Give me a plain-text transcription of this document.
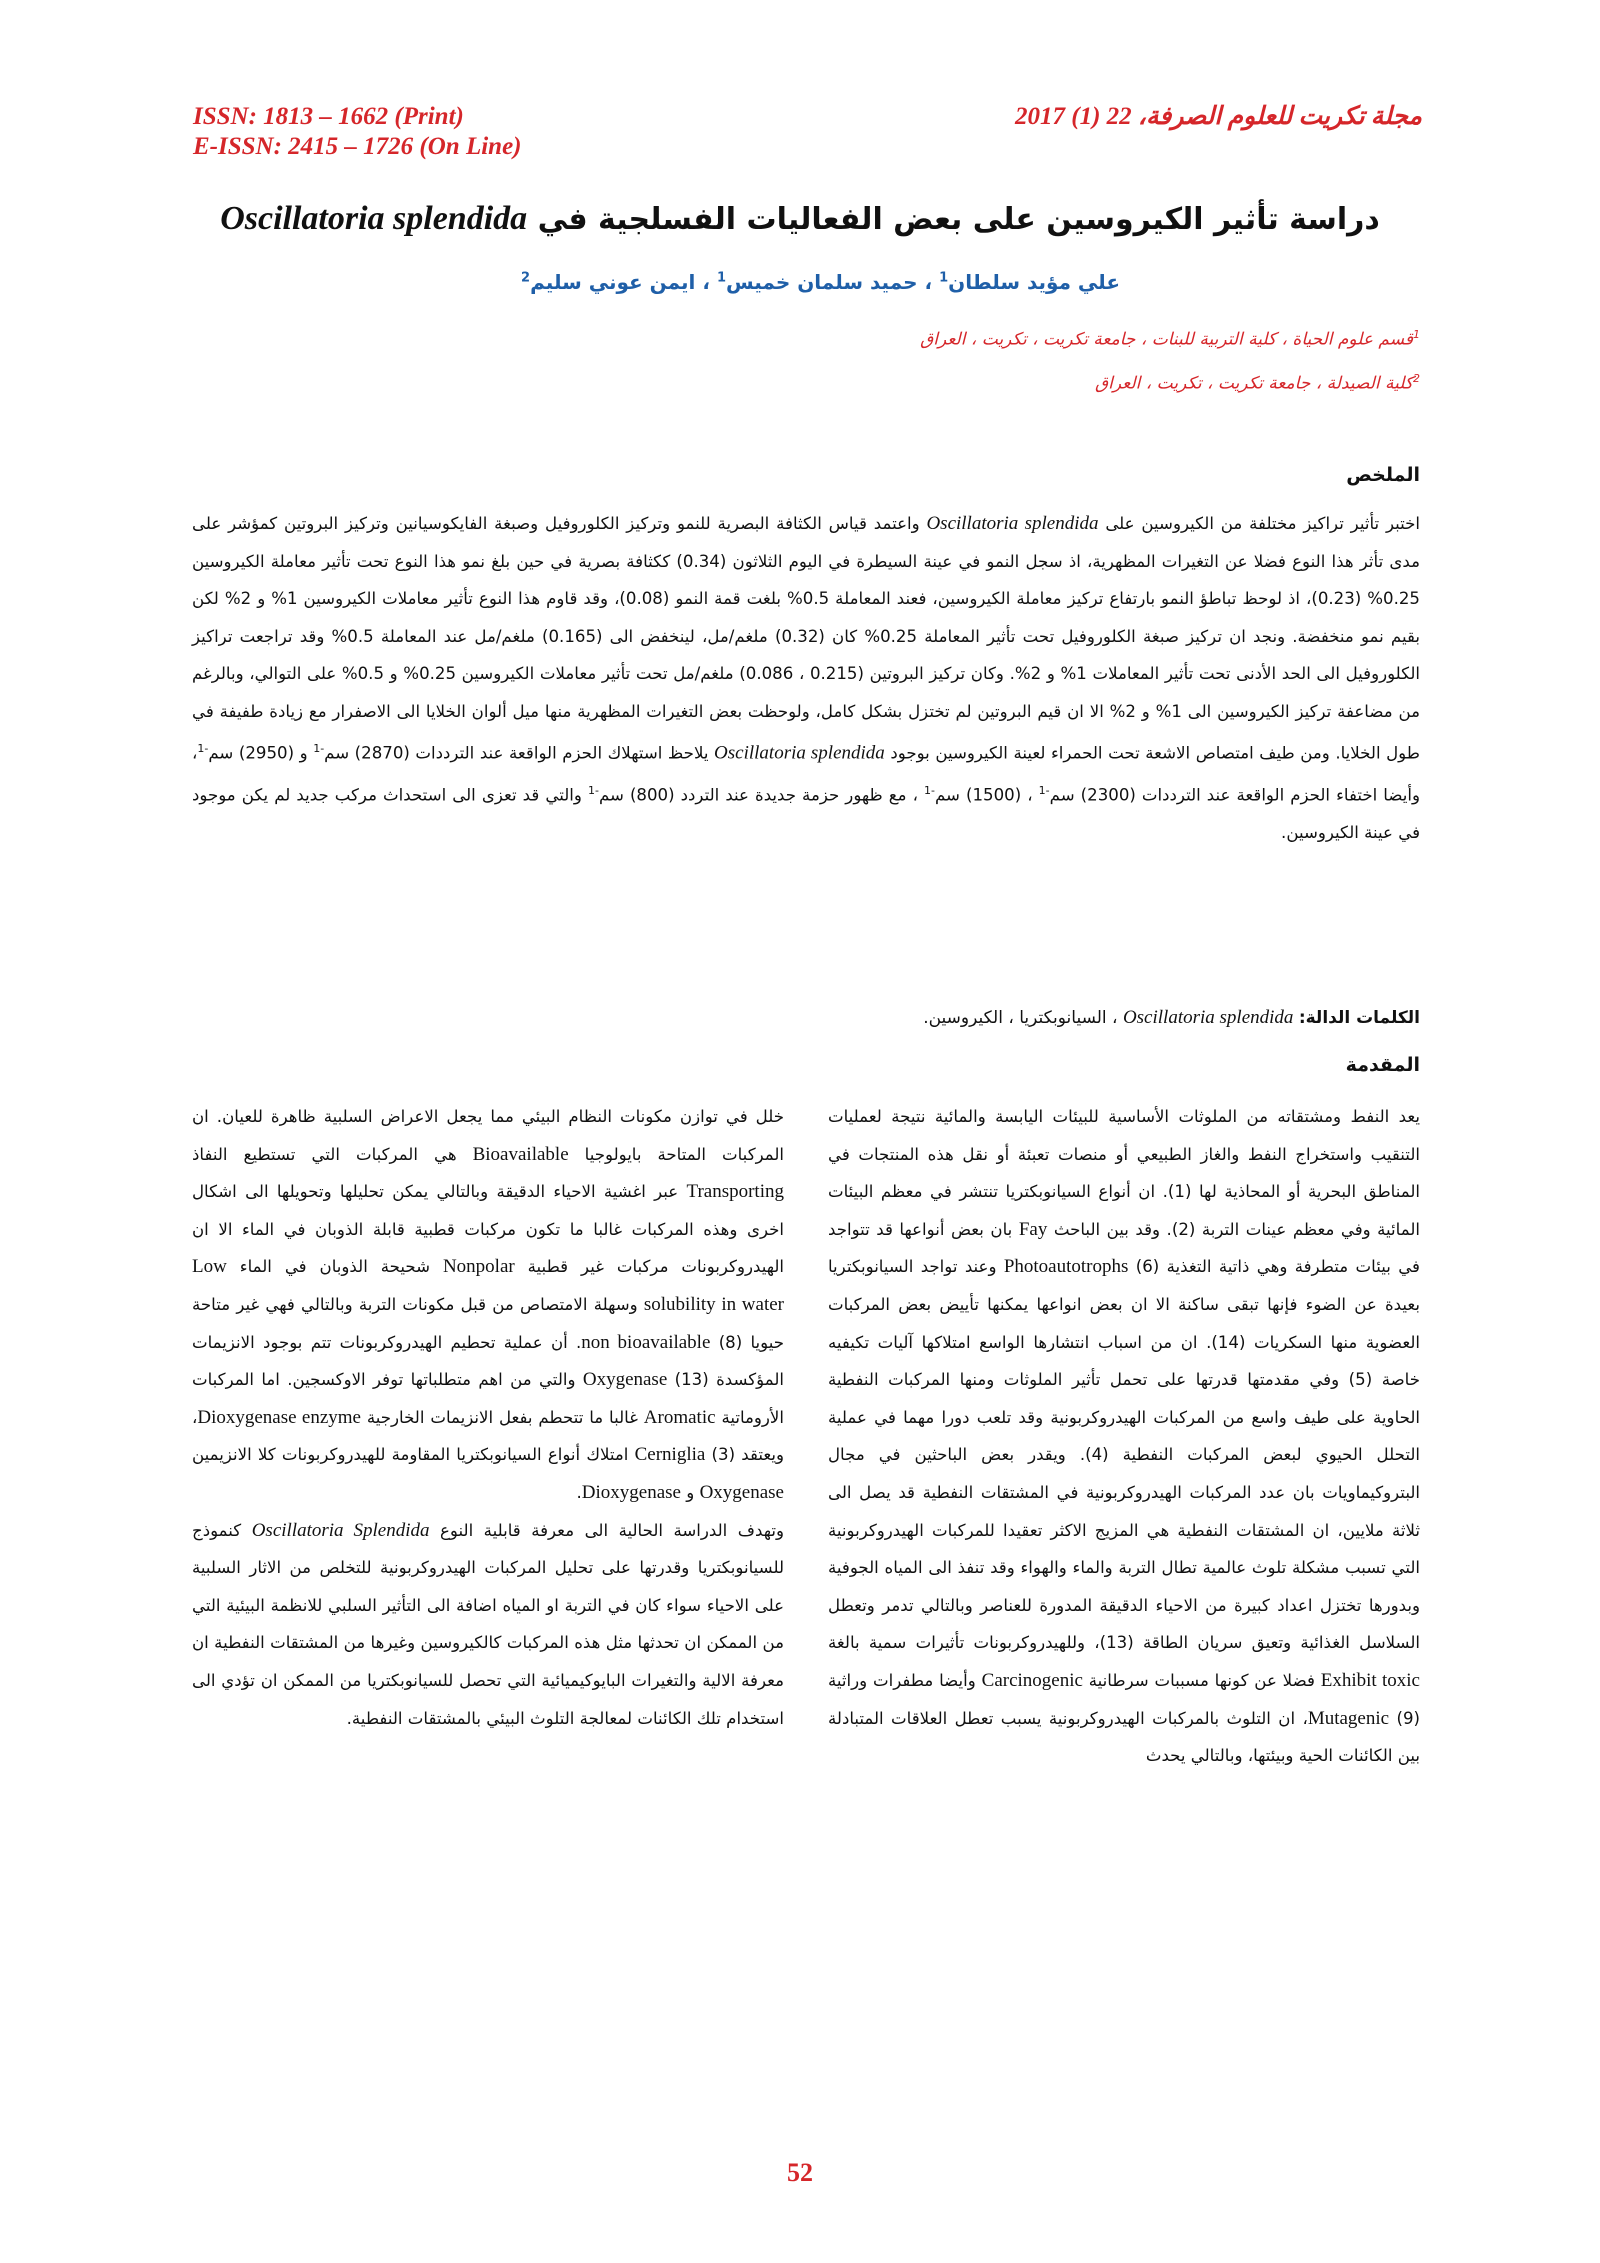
ISSN: 1813 – 1662 (Print)
E-ISSN: 2415 – 1726 (On Line)
مجلة تكريت للعلوم الصرفة، 22 (1) 2017
دراسة تأثير الكيروسين على بعض الفعاليات الفسلجية في Oscillatoria splendida
علي مؤيد سلطان$^1$ ، حميد سلمان خميس$^1$ ، ايمن عوني سليم$^2$
$^1$قسم علوم الحياة ، كلية التربية للبنات ، جامعة تكريت ، تكريت ، العراق
$^2$كلية الصيدلة ، جامعة تكريت ، تكريت ، العراق
الملخص
اختبر تأثير تراكيز مختلفة من الكيروسين على Oscillatoria splendida واعتمد قياس الكثافة البصرية للنمو وتركيز الكلوروفيل وصبغة الفايكوسيانين وتركيز البروتين كمؤشر على مدى تأثر هذا النوع فضلا عن التغيرات المظهرية، اذ سجل النمو في عينة السيطرة في اليوم الثلاثون (0.34) ككثافة بصرية في حين بلغ نمو هذا النوع تحت تأثير معاملة الكيروسين 0.25% (0.23)، اذ لوحظ تباطؤ النمو بارتفاع تركيز معاملة الكيروسين، فعند المعاملة 0.5% بلغت قمة النمو (0.08)، وقد قاوم هذا النوع تأثير معاملات الكيروسين 1% و 2% لكن بقيم نمو منخفضة. ونجد ان تركيز صبغة الكلوروفيل تحت تأثير المعاملة 0.25% كان (0.32) ملغم/مل، لينخفض الى (0.165) ملغم/مل عند المعاملة 0.5% وقد تراجعت تراكيز الكلوروفيل الى الحد الأدنى تحت تأثير المعاملات 1% و 2%. وكان تركيز البروتين (0.215 ، 0.086) ملغم/مل تحت تأثير معاملات الكيروسين 0.25% و 0.5% على التوالي، وبالرغم من مضاعفة تركيز الكيروسين الى 1% و 2% الا ان قيم البروتين لم تختزل بشكل كامل، ولوحظت بعض التغيرات المظهرية منها ميل ألوان الخلايا الى الاصفرار مع زيادة طفيفة في طول الخلايا. ومن طيف امتصاص الاشعة تحت الحمراء لعينة الكيروسين بوجود Oscillatoria splendida يلاحظ استهلاك الحزم الواقعة عند الترددات (2870) سم$^{-1}$ و (2950) سم$^{-1}$، وأيضا اختفاء الحزم الواقعة عند الترددات (2300) سم$^{-1}$ ، (1500) سم$^{-1}$ ، مع ظهور حزمة جديدة عند التردد (800) سم$^{-1}$ والتي قد تعزى الى استحداث مركب جديد لم يكن موجود في عينة الكيروسين.
الكلمات الدالة: Oscillatoria splendida ، السيانوبكتريا ، الكيروسين.
المقدمة

يعد النفط ومشتقاته من الملوثات الأساسية للبيئات اليابسة والمائية نتيجة لعمليات التنقيب واستخراج النفط والغاز الطبيعي أو منصات تعبئة أو نقل هذه المنتجات في المناطق البحرية أو المحاذية لها (1). ان أنواع السيانوبكتريا تنتشر في معظم البيئات المائية وفي معظم عينات التربة (2). وقد بين الباحث Fay بان بعض أنواعها قد تتواجد في بيئات متطرفة وهي ذاتية التغذية Photoautotrophs (6) وعند تواجد السيانوبكتريا بعيدة عن الضوء فإنها تبقى ساكنة الا ان بعض انواعها يمكنها تأييض بعض المركبات العضوية منها السكريات (14). ان من اسباب انتشارها الواسع امتلاكها آليات تكيفيه خاصة (5) وفي مقدمتها قدرتها على تحمل تأثير الملوثات ومنها المركبات النفطية الحاوية على طيف واسع من المركبات الهيدروكربونية وقد تلعب دورا مهما في عملية التحلل الحيوي لبعض المركبات النفطية (4). ويقدر بعض الباحثين في مجال البتروكيماويات بان عدد المركبات الهيدروكربونية في المشتقات النفطية قد يصل الى ثلاثة ملايين، ان المشتقات النفطية هي المزيج الاكثر تعقيدا للمركبات الهيدروكربونية التي تسبب مشكلة تلوث عالمية تطال التربة والماء والهواء وقد تنفذ الى المياه الجوفية وبدورها تختزل اعداد كبيرة من الاحياء الدقيقة المدورة للعناصر وبالتالي تدمر وتعطل السلاسل الغذائية وتعيق سريان الطاقة (13)، وللهيدروكربونات تأثيرات سمية بالغة Exhibit toxic فضلا عن كونها مسببات سرطانية Carcinogenic وأيضا مطفرات وراثية Mutagenic (9)، ان التلوث بالمركبات الهيدروكربونية يسبب تعطل العلاقات المتبادلة بين الكائنات الحية وبيئتها، وبالتالي يحدث

خلل في توازن مكونات النظام البيئي مما يجعل الاعراض السلبية ظاهرة للعيان. ان المركبات المتاحة بايولوجيا Bioavailable هي المركبات التي تستطيع النفاذ Transporting عبر اغشية الاحياء الدقيقة وبالتالي يمكن تحليلها وتحويلها الى اشكال اخرى وهذه المركبات غالبا ما تكون مركبات قطبية قابلة الذوبان في الماء الا ان الهيدروكربونات مركبات غير قطبية Nonpolar شحيحة الذوبان في الماء Low solubility in water وسهلة الامتصاص من قبل مكونات التربة وبالتالي فهي غير متاحة حيويا non bioavailable (8). أن عملية تحطيم الهيدروكربونات تتم بوجود الانزيمات المؤكسدة Oxygenase (13) والتي من اهم متطلباتها توفر الاوكسجين. اما المركبات الأروماتية Aromatic غالبا ما تتحطم بفعل الانزيمات الخارجية Dioxygenase enzyme، ويعتقد Cerniglia (3) امتلاك أنواع السيانوبكتريا المقاومة للهيدروكربونات كلا الانزيمين Oxygenase و Dioxygenase.

وتهدف الدراسة الحالية الى معرفة قابلية النوع Oscillatoria Splendida كنموذج للسيانوبكتريا وقدرتها على تحليل المركبات الهيدروكربونية للتخلص من الاثار السلبية على الاحياء سواء كان في التربة او المياه اضافة الى التأثير السلبي للانظمة البيئية التي من الممكن ان تحدثها مثل هذه المركبات كالكيروسين وغيرها من المشتقات النفطية ان معرفة الالية والتغيرات البايوكيميائية التي تحصل للسيانوبكتريا من الممكن ان تؤدي الى استخدام تلك الكائنات لمعالجة التلوث البيئي بالمشتقات النفطية.

52
